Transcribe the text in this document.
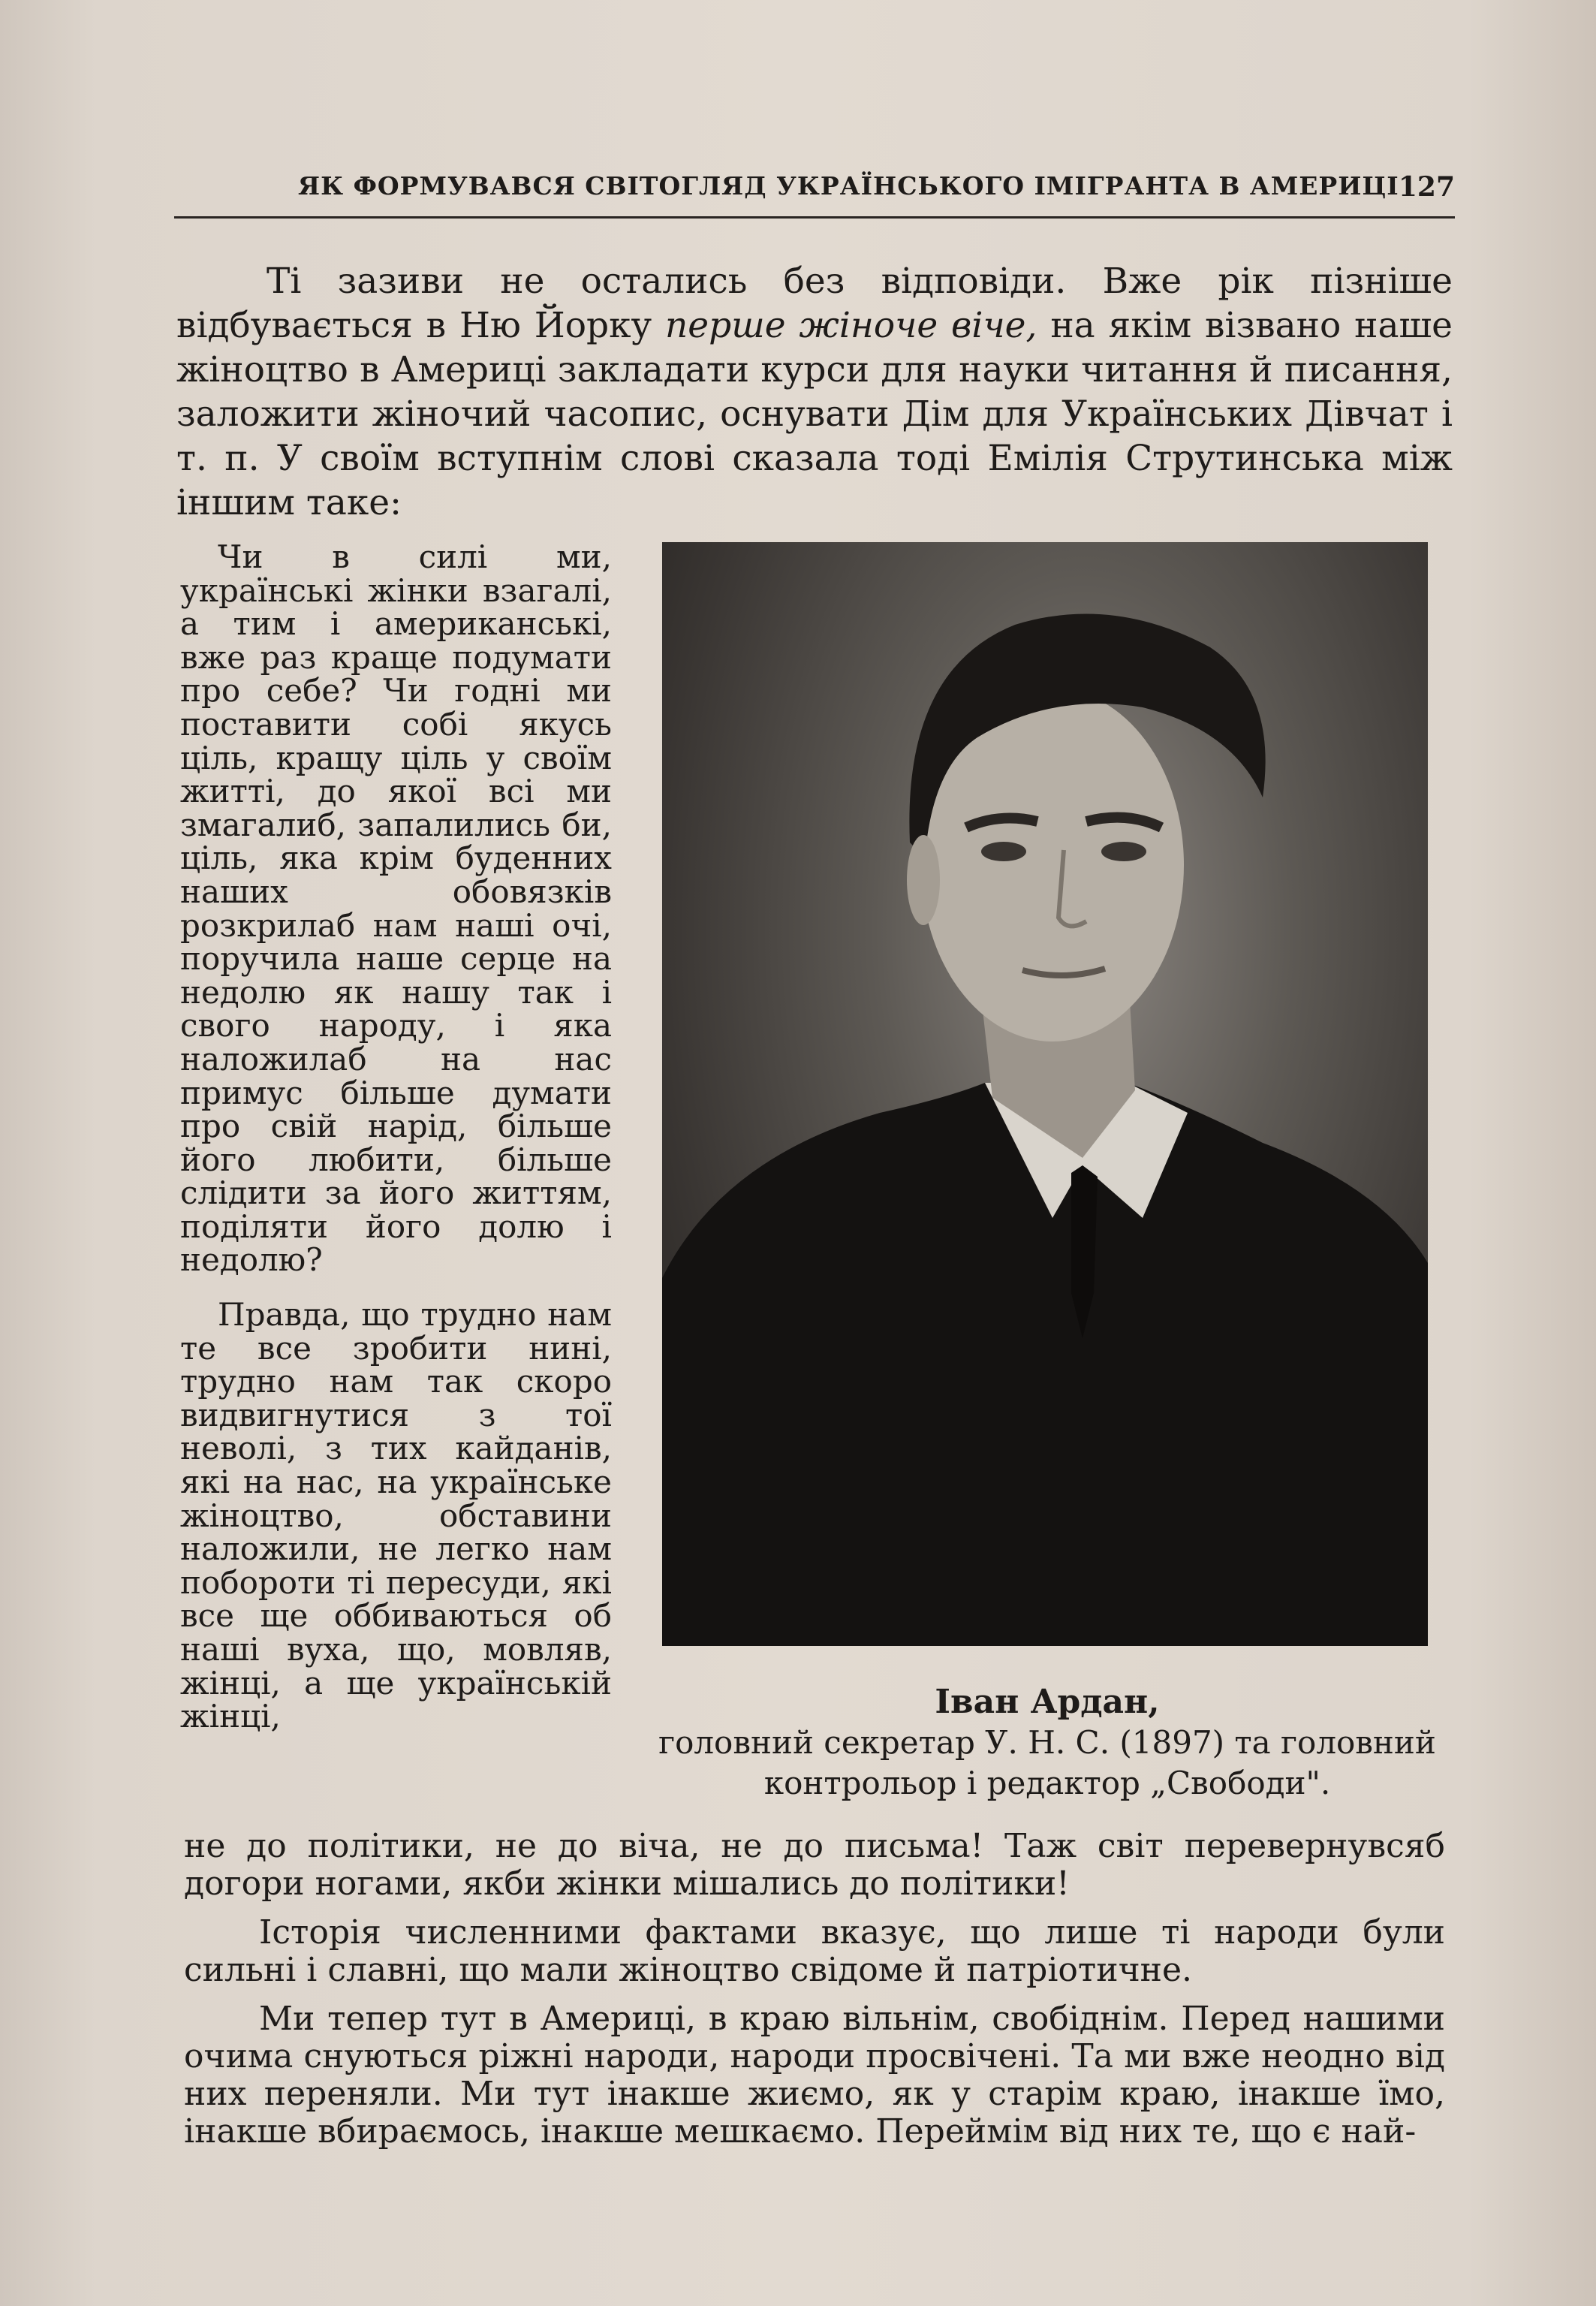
ЯК ФОРМУВАВСЯ СВІТОГЛЯД УКРАЇНСЬКОГО ІМІГРАНТА В АМЕРИЦІ 127
Ті зазиви не остались без відповіди. Вже рік пізніше відбувається в Ню Йорку перше жіноче віче, на якім візвано наше жіноцтво в Америці закладати курси для науки читання й писання, заложити жіночий часопис, оснувати Дім для Українських Дівчат і т. п. У своїм вступнім слові сказала тоді Емілія Струтинська між іншим таке:

Чи в силі ми, українські жінки взагалі, а тим і американські, вже раз краще подумати про себе? Чи годні ми поставити собі якусь ціль, кращу ціль у своїм житті, до якої всі ми змагалиб, запалились би, ціль, яка крім буденних наших обовязків розкрилаб нам наші очі, поручила наше серце на недолю як нашу так і свого народу, і яка наложилаб на нас примус більше думати про свій нарід, більше його любити, більше слідити за його життям, поділяти його долю і недолю?

Правда, що трудно нам те все зробити нині, трудно нам так скоро видвигнутися з тої неволі, з тих кайданів, які на нас, на українське жіноцтво, обставини наложили, не легко нам побороти ті пересуди, які все ще оббиваються об наші вуха, що, мовляв, жінці, а ще українській жінці,	Іван Ардан,
головний секретар У. Н. С. (1897) та головний контрольор і редактор „Свободи".

не до політики, не до віча, не до письма! Таж світ перевернувсяб догори ногами, якби жінки мішались до політики!

Історія численними фактами вказує, що лише ті народи були сильні і славні, що мали жіноцтво свідоме й патріотичне.

Ми тепер тут в Америці, в краю вільнім, свобіднім. Перед нашими очима снуються ріжні народи, народи просвічені. Та ми вже неодно від них переняли. Ми тут інакше жиємо, як у старім краю, інакше їмо, інакше вбираємось, інакше мешкаємо. Переймім від них те, що є най-
